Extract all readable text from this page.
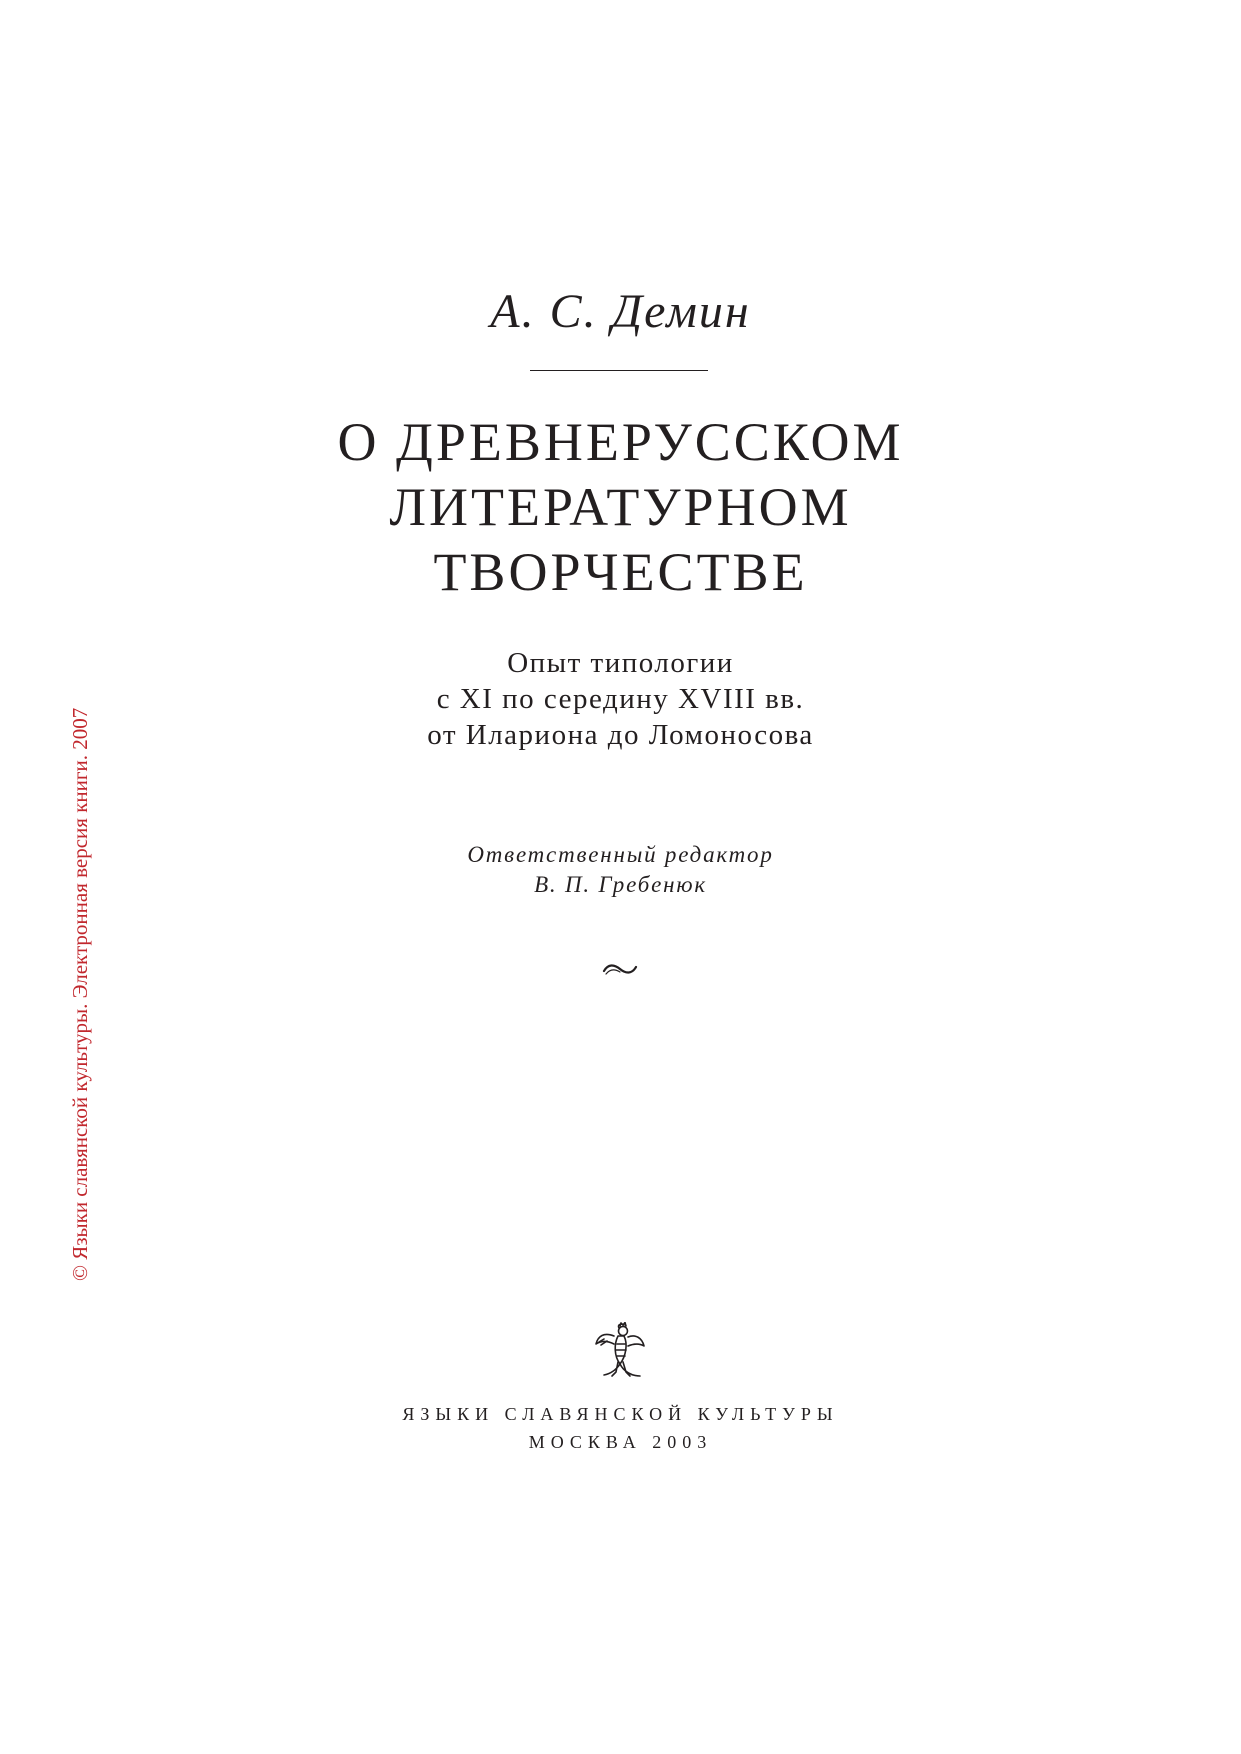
© Языки славянской культуры. Электронная версия книги. 2007
А. С. Демин
О ДРЕВНЕРУССКОМ
ЛИТЕРАТУРНОМ
ТВОРЧЕСТВЕ
Опыт типологии
с XI по середину XVIII вв.
от Илариона до Ломоносова
Ответственный редактор
В. П. Гребенюк
ЯЗЫКИ СЛАВЯНСКОЙ КУЛЬТУРЫ
МОСКВА 2003
